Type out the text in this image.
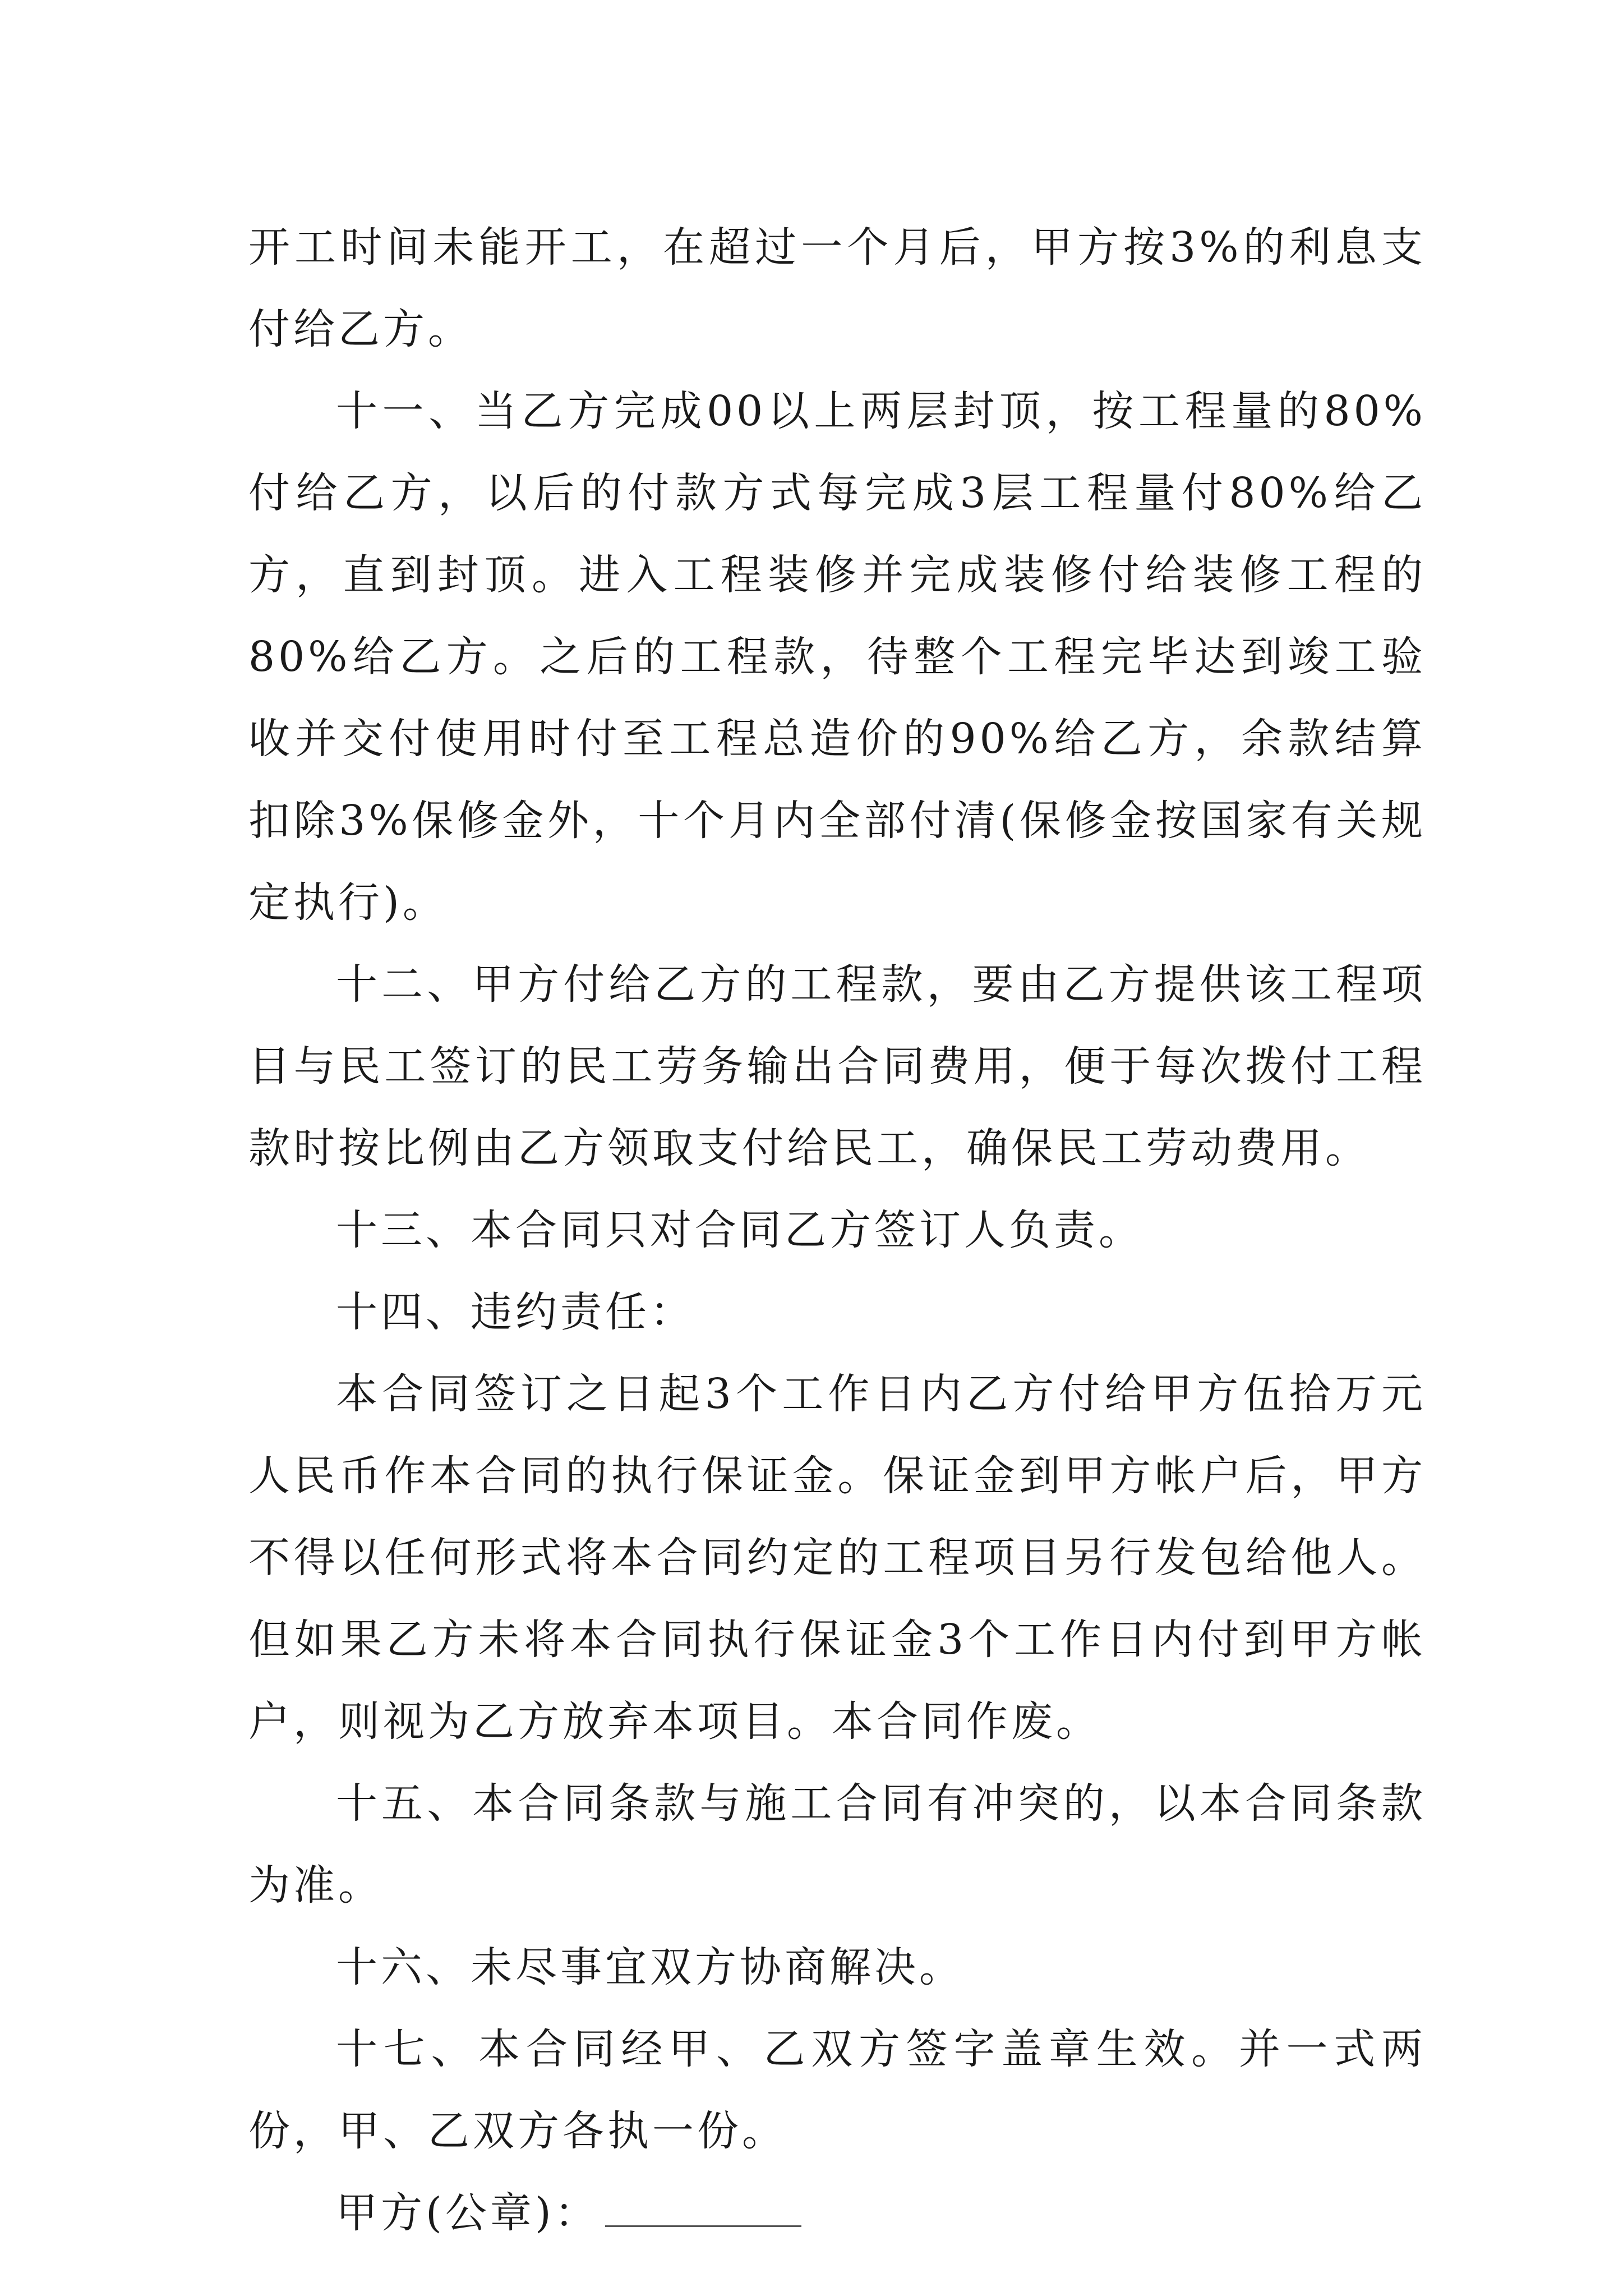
开工时间未能开工，在超过一个月后，甲方按3%的利息支付给乙方。

十一、当乙方完成00以上两层封顶，按工程量的80%付给乙方，以后的付款方式每完成3层工程量付80%给乙方，直到封顶。进入工程装修并完成装修付给装修工程的80%给乙方。之后的工程款，待整个工程完毕达到竣工验收并交付使用时付至工程总造价的90%给乙方，余款结算扣除3%保修金外，十个月内全部付清(保修金按国家有关规定执行)。

十二、甲方付给乙方的工程款，要由乙方提供该工程项目与民工签订的民工劳务输出合同费用，便于每次拨付工程款时按比例由乙方领取支付给民工，确保民工劳动费用。

十三、本合同只对合同乙方签订人负责。

十四、违约责任：

本合同签订之日起3个工作日内乙方付给甲方伍拾万元人民币作本合同的执行保证金。保证金到甲方帐户后，甲方不得以任何形式将本合同约定的工程项目另行发包给他人。但如果乙方未将本合同执行保证金3个工作日内付到甲方帐户，则视为乙方放弃本项目。本合同作废。

十五、本合同条款与施工合同有冲突的，以本合同条款为准。

十六、未尽事宜双方协商解决。

十七、本合同经甲、乙双方签字盖章生效。并一式两份，甲、乙双方各执一份。

甲方(公章)：
